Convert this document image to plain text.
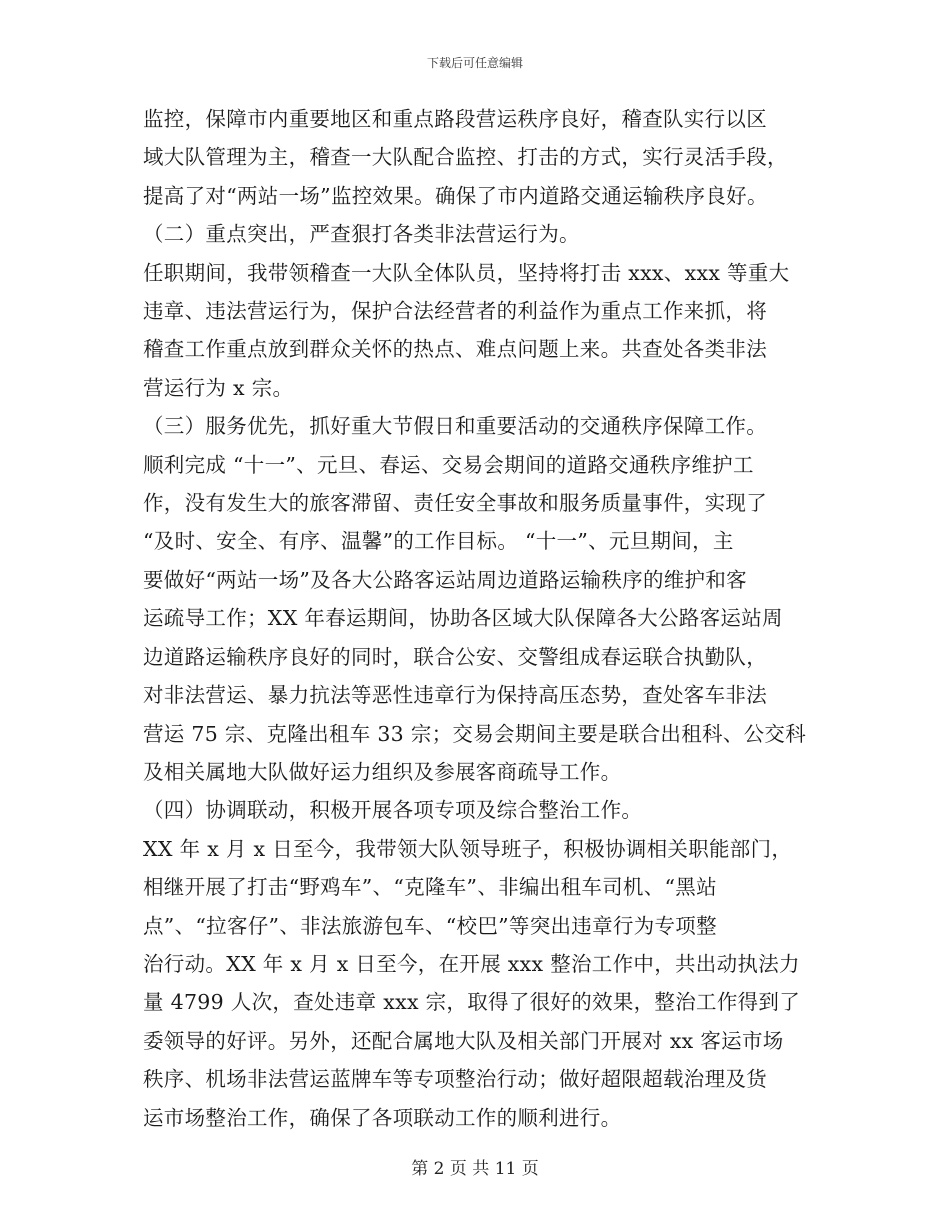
下载后可任意编辑

监控，保障市内重要地区和重点路段营运秩序良好，稽查队实行以区

域大队管理为主，稽查一大队配合监控、打击的方式，实行灵活手段，

提高了对“两站一场”监控效果。确保了市内道路交通运输秩序良好。

（二）重点突出，严查狠打各类非法营运行为。

任职期间，我带领稽查一大队全体队员，坚持将打击 xxx、xxx 等重大

违章、违法营运行为，保护合法经营者的利益作为重点工作来抓，将

稽查工作重点放到群众关怀的热点、难点问题上来。共查处各类非法

营运行为 x 宗。

（三）服务优先，抓好重大节假日和重要活动的交通秩序保障工作。

顺利完成 “十一”、元旦、春运、交易会期间的道路交通秩序维护工

作，没有发生大的旅客滞留、责任安全事故和服务质量事件，实现了

“及时、安全、有序、温馨”的工作目标。 “十一”、元旦期间，主

要做好“两站一场”及各大公路客运站周边道路运输秩序的维护和客

运疏导工作；XX 年春运期间，协助各区域大队保障各大公路客运站周

边道路运输秩序良好的同时，联合公安、交警组成春运联合执勤队，

对非法营运、暴力抗法等恶性违章行为保持高压态势，查处客车非法

营运 75 宗、克隆出租车 33 宗；交易会期间主要是联合出租科、公交科

及相关属地大队做好运力组织及参展客商疏导工作。

（四）协调联动，积极开展各项专项及综合整治工作。

XX 年 x 月 x 日至今，我带领大队领导班子，积极协调相关职能部门，

相继开展了打击“野鸡车”、“克隆车”、非编出租车司机、“黑站

点”、“拉客仔”、非法旅游包车、“校巴”等突出违章行为专项整

治行动。XX 年 x 月 x 日至今，在开展 xxx 整治工作中，共出动执法力

量 4799 人次，查处违章 xxx 宗，取得了很好的效果，整治工作得到了

委领导的好评。另外，还配合属地大队及相关部门开展对 xx 客运市场

秩序、机场非法营运蓝牌车等专项整治行动；做好超限超载治理及货

运市场整治工作，确保了各项联动工作的顺利进行。

第 2 页 共 11 页
